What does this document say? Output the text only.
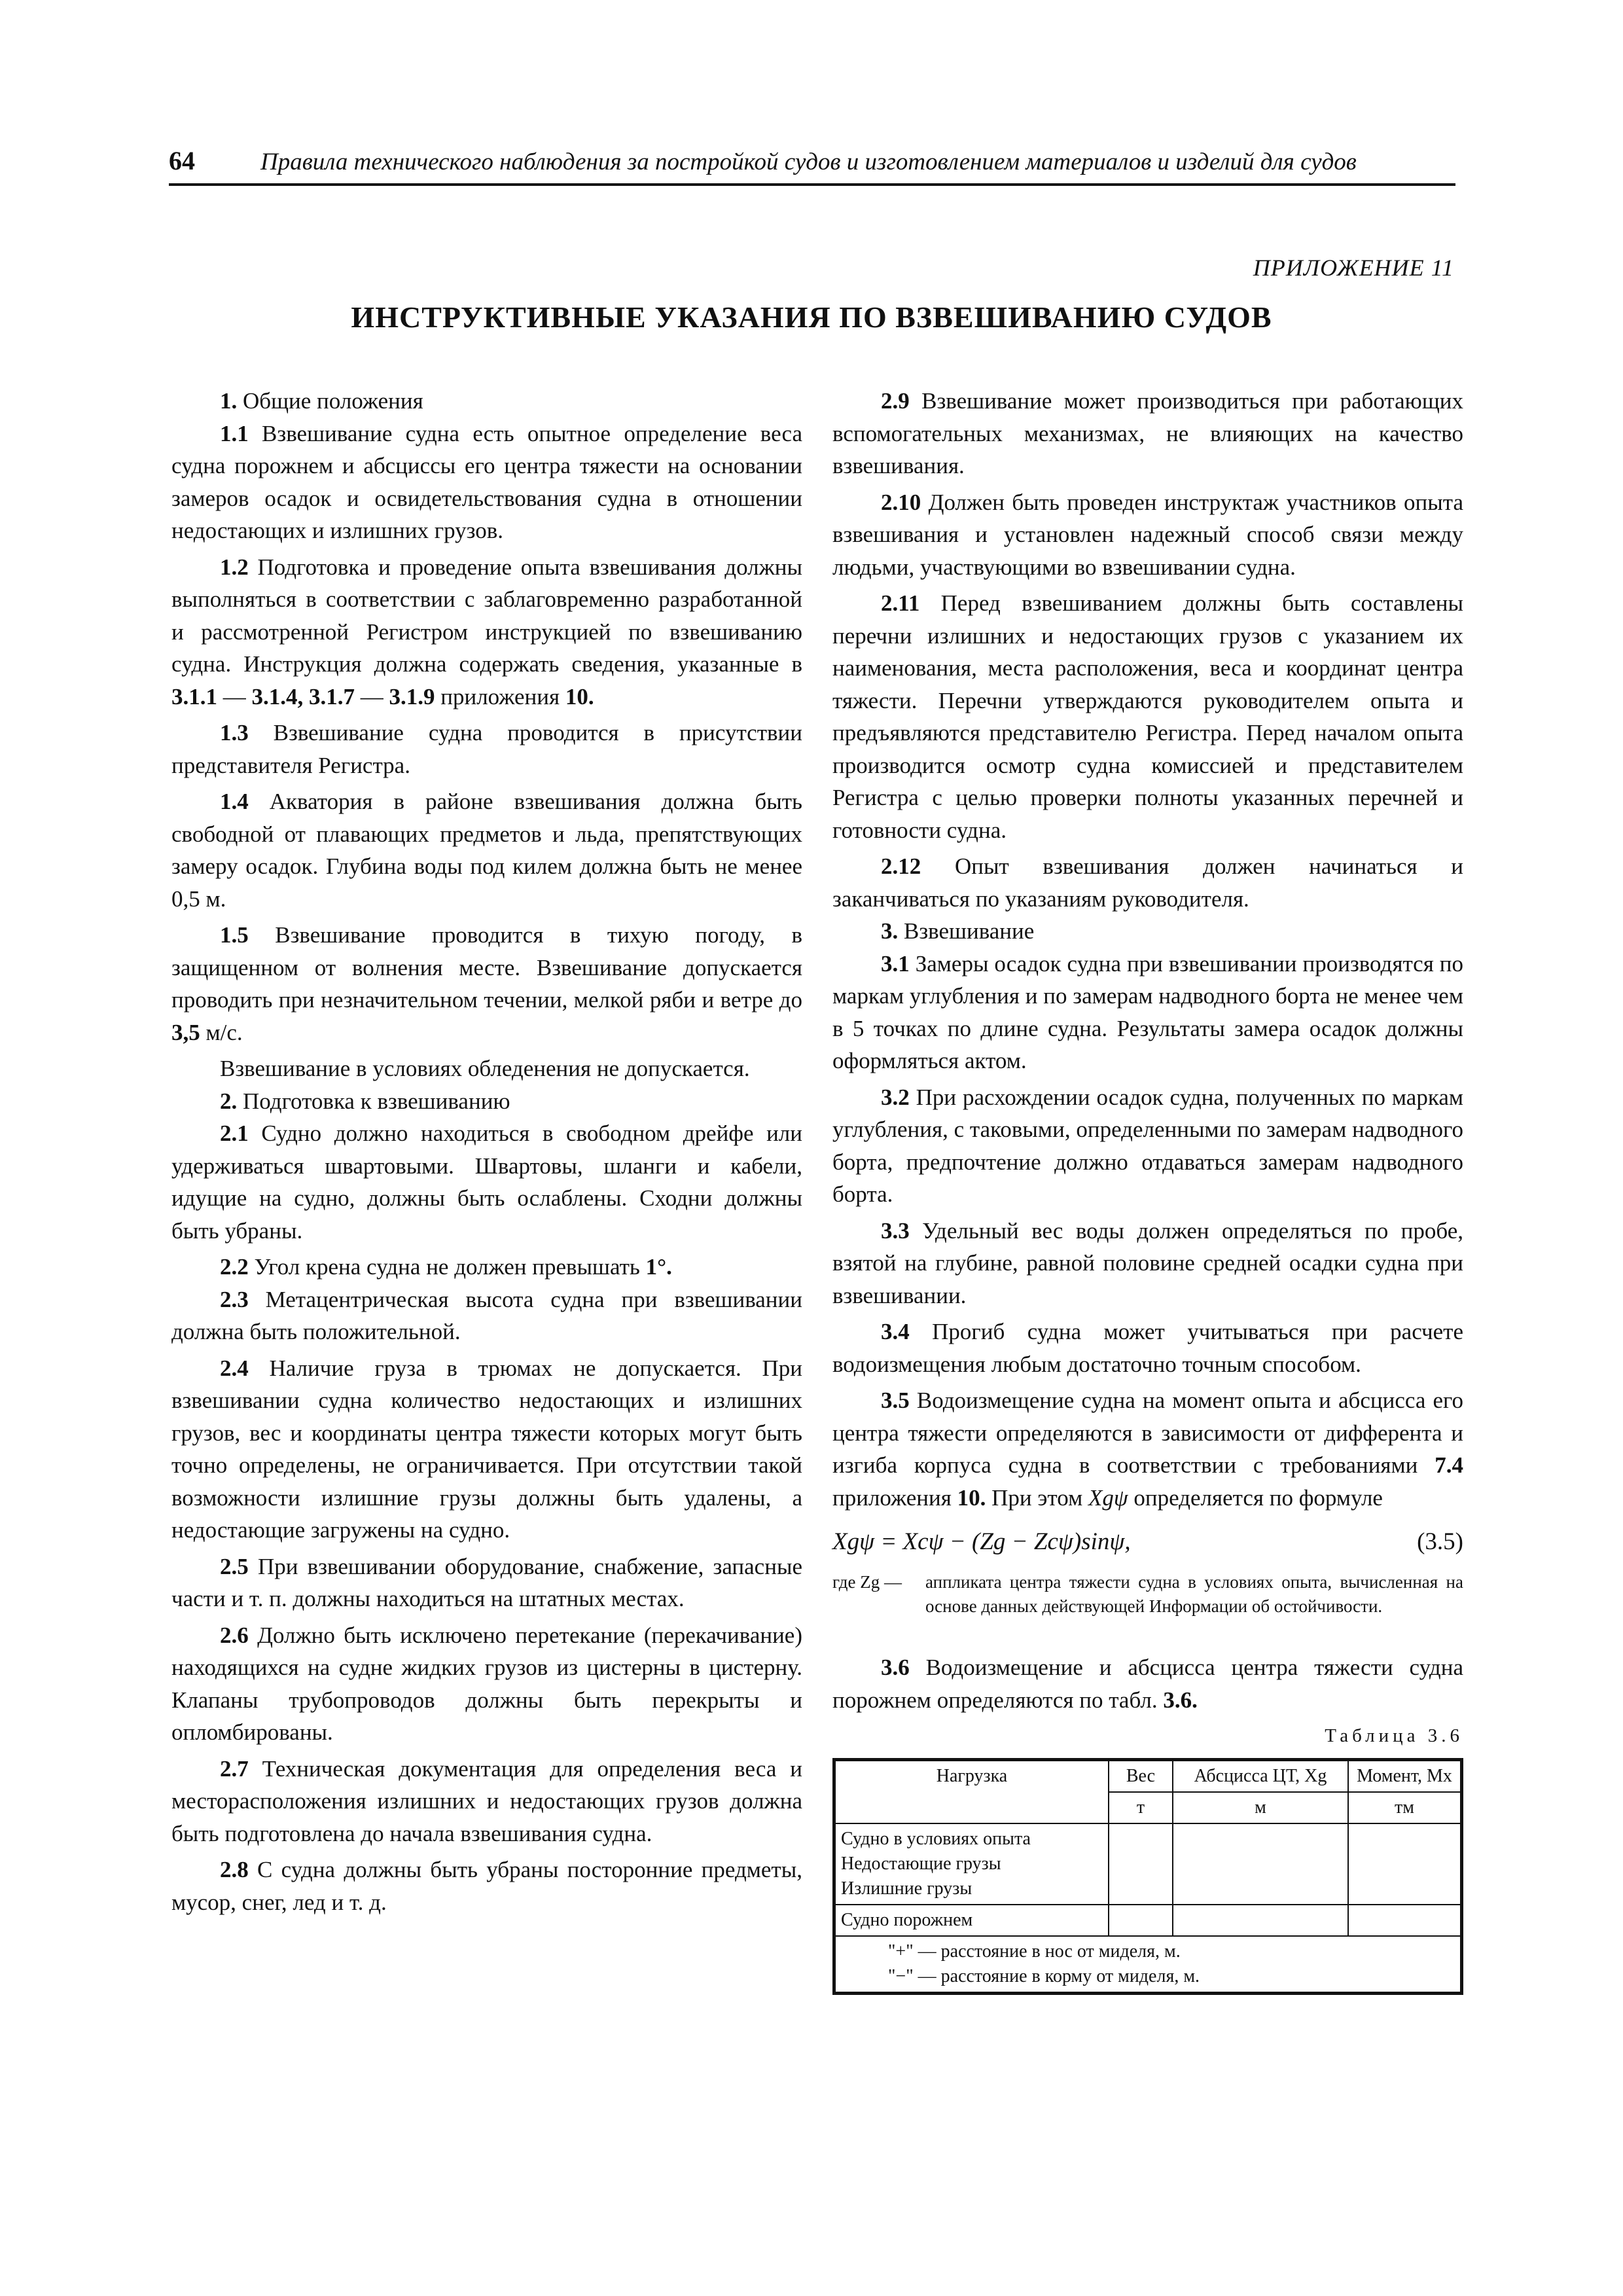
64	Правила технического наблюдения за постройкой судов и изготовлением материалов и изделий для судов
ПРИЛОЖЕНИЕ 11
ИНСТРУКТИВНЫЕ УКАЗАНИЯ ПО ВЗВЕШИВАНИЮ СУДОВ

1. Общие положения

1.1 Взвешивание судна есть опытное определение веса судна порожнем и абсциссы его центра тяжести на основании замеров осадок и освидетельствования судна в отношении недостающих и излишних грузов.

1.2 Подготовка и проведение опыта взвешивания должны выполняться в соответствии с заблаговременно разработанной и рассмотренной Регистром инструкцией по взвешиванию судна. Инструкция должна содержать сведения, указанные в 3.1.1 — 3.1.4, 3.1.7 — 3.1.9 приложения 10.

1.3 Взвешивание судна проводится в присутствии представителя Регистра.

1.4 Акватория в районе взвешивания должна быть свободной от плавающих предметов и льда, препятствующих замеру осадок. Глубина воды под килем должна быть не менее 0,5 м.

1.5 Взвешивание проводится в тихую погоду, в защищенном от волнения месте. Взвешивание допускается проводить при незначительном течении, мелкой ряби и ветре до 3,5 м/с.

Взвешивание в условиях обледенения не допускается.

2. Подготовка к взвешиванию

2.1 Судно должно находиться в свободном дрейфе или удерживаться швартовыми. Швартовы, шланги и кабели, идущие на судно, должны быть ослаблены. Сходни должны быть убраны.

2.2 Угол крена судна не должен превышать 1°.

2.3 Метацентрическая высота судна при взвешивании должна быть положительной.

2.4 Наличие груза в трюмах не допускается. При взвешивании судна количество недостающих и излишних грузов, вес и координаты центра тяжести которых могут быть точно определены, не ограничивается. При отсутствии такой возможности излишние грузы должны быть удалены, а недостающие загружены на судно.

2.5 При взвешивании оборудование, снабжение, запасные части и т. п. должны находиться на штатных местах.

2.6 Должно быть исключено перетекание (перекачивание) находящихся на судне жидких грузов из цистерны в цистерну. Клапаны трубопроводов должны быть перекрыты и опломбированы.

2.7 Техническая документация для определения веса и месторасположения излишних и недостающих грузов должна быть подготовлена до начала взвешивания судна.

2.8 С судна должны быть убраны посторонние предметы, мусор, снег, лед и т. д.

2.9 Взвешивание может производиться при работающих вспомогательных механизмах, не влияющих на качество взвешивания.

2.10 Должен быть проведен инструктаж участников опыта взвешивания и установлен надежный способ связи между людьми, участвующими во взвешивании судна.

2.11 Перед взвешиванием должны быть составлены перечни излишних и недостающих грузов с указанием их наименования, места расположения, веса и координат центра тяжести. Перечни утверждаются руководителем опыта и предъявляются представителю Регистра. Перед началом опыта производится осмотр судна комиссией и представителем Регистра с целью проверки полноты указанных перечней и готовности судна.

2.12 Опыт взвешивания должен начинаться и заканчиваться по указаниям руководителя.

3. Взвешивание

3.1 Замеры осадок судна при взвешивании производятся по маркам углубления и по замерам надводного борта не менее чем в 5 точках по длине судна. Результаты замера осадок должны оформляться актом.

3.2 При расхождении осадок судна, полученных по маркам углубления, с таковыми, определенными по замерам надводного борта, предпочтение должно отдаваться замерам надводного борта.

3.3 Удельный вес воды должен определяться по пробе, взятой на глубине, равной половине средней осадки судна при взвешивании.

3.4 Прогиб судна может учитываться при расчете водоизмещения любым достаточно точным способом.

3.5 Водоизмещение судна на момент опыта и абсцисса его центра тяжести определяются в зависимости от дифферента и изгиба корпуса судна в соответствии с требованиями 7.4 приложения 10. При этом Xgψ определяется по формуле

Xgψ = Xcψ − (Zg − Zcψ)sinψ,	(3.5)
где Zg — аппликата центра тяжести судна в условиях опыта, вычисленная на основе данных действующей Информации об остойчивости.

3.6 Водоизмещение и абсцисса центра тяжести судна порожнем определяются по табл. 3.6.

Таблица 3.6
Нагрузка	Вес	Абсцисса ЦТ, Xg	Момент, Mx
	т	м	тм

Судно в условиях опыта
Недостающие грузы
Излишние грузы			

Судно порожнем			

"+" — расстояние в нос от миделя, м.
"−" — расстояние в корму от миделя, м.			
